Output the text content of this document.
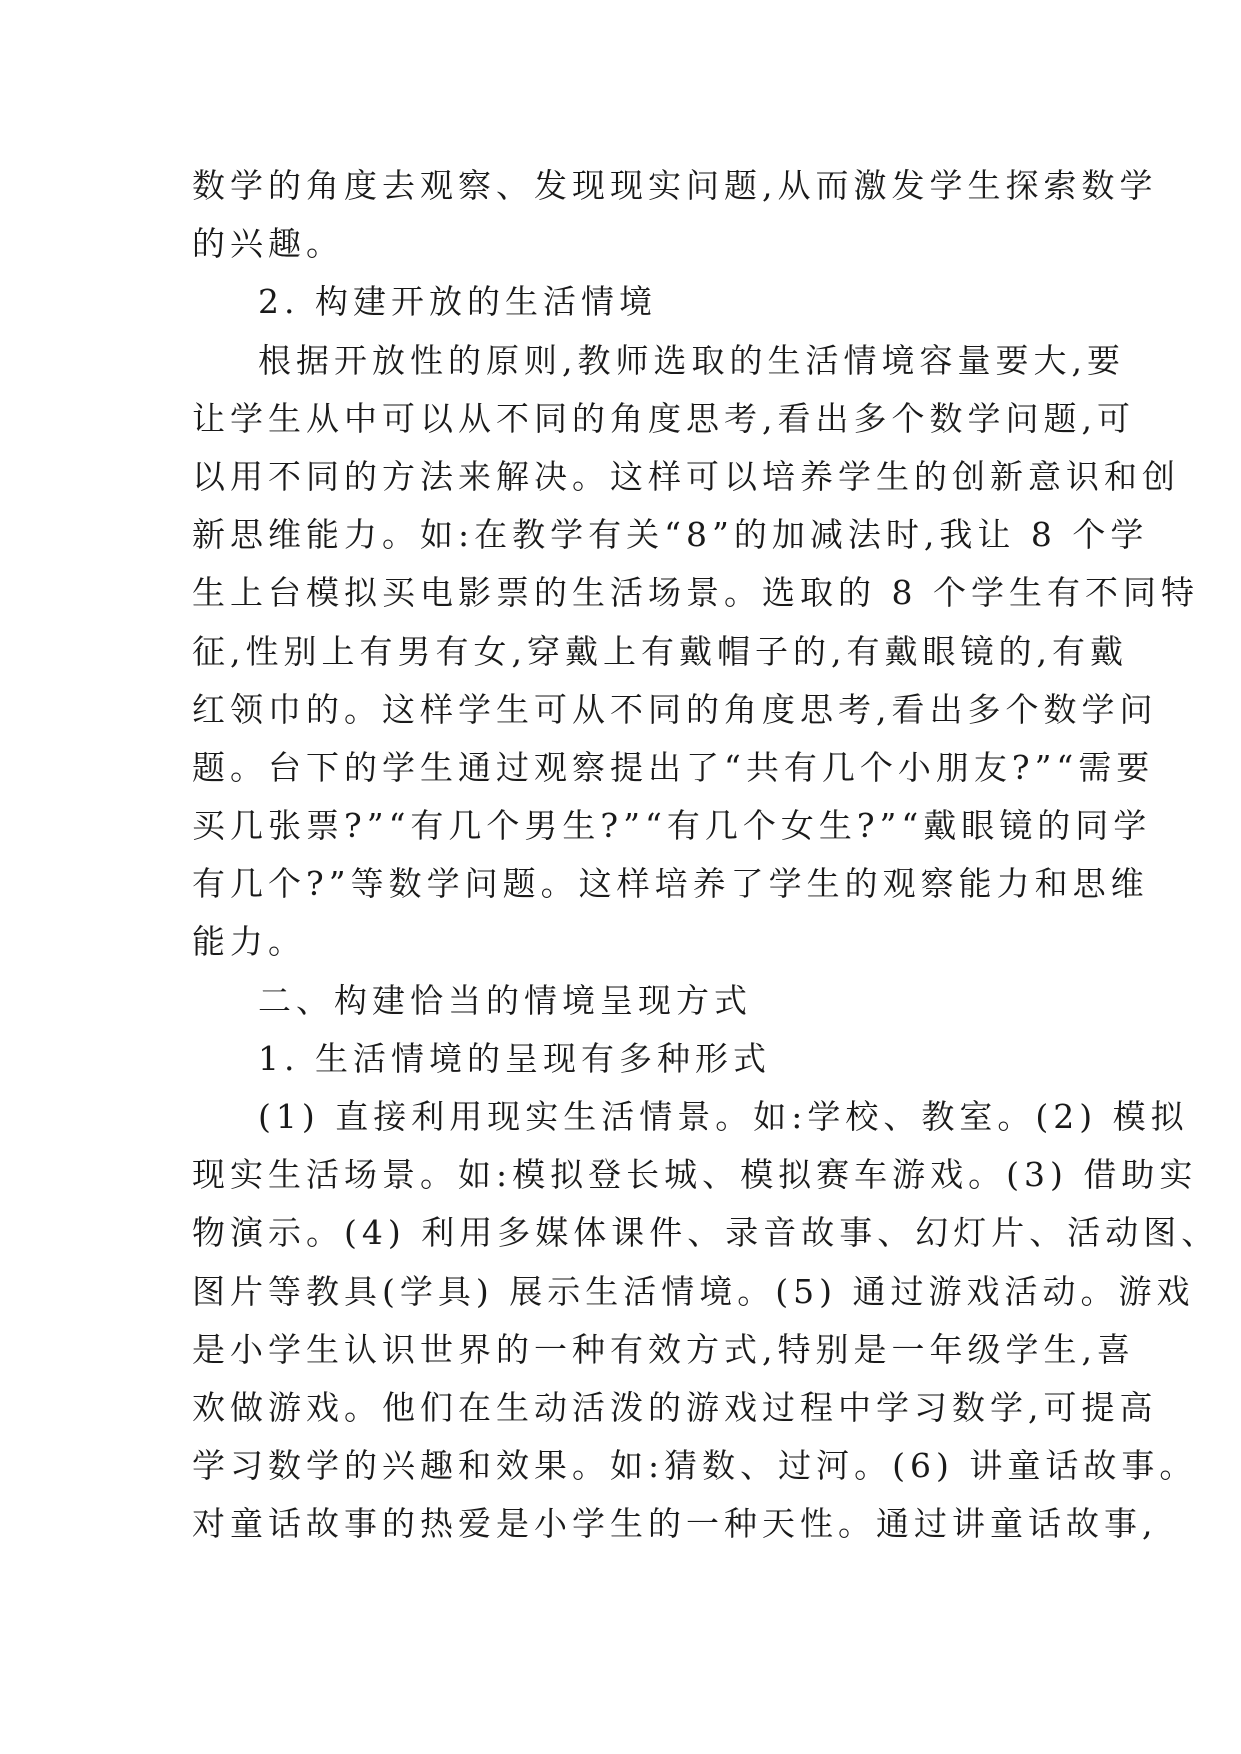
数学的角度去观察、发现现实问题,从而激发学生探索数学
的兴趣。
2. 构建开放的生活情境
根据开放性的原则,教师选取的生活情境容量要大,要
让学生从中可以从不同的角度思考,看出多个数学问题,可
以用不同的方法来解决。这样可以培养学生的创新意识和创
新思维能力。如:在教学有关“8”的加减法时,我让 8 个学
生上台模拟买电影票的生活场景。选取的 8 个学生有不同特
征,性别上有男有女,穿戴上有戴帽子的,有戴眼镜的,有戴
红领巾的。这样学生可从不同的角度思考,看出多个数学问
题。台下的学生通过观察提出了“共有几个小朋友?”“需要
买几张票?”“有几个男生?”“有几个女生?”“戴眼镜的同学
有几个?”等数学问题。这样培养了学生的观察能力和思维
能力。
二、构建恰当的情境呈现方式
1. 生活情境的呈现有多种形式
(1) 直接利用现实生活情景。如:学校、教室。(2) 模拟
现实生活场景。如:模拟登长城、模拟赛车游戏。(3) 借助实
物演示。(4) 利用多媒体课件、录音故事、幻灯片、活动图、
图片等教具(学具) 展示生活情境。(5) 通过游戏活动。游戏
是小学生认识世界的一种有效方式,特别是一年级学生,喜
欢做游戏。他们在生动活泼的游戏过程中学习数学,可提高
学习数学的兴趣和效果。如:猜数、过河。(6) 讲童话故事。
对童话故事的热爱是小学生的一种天性。通过讲童话故事,
